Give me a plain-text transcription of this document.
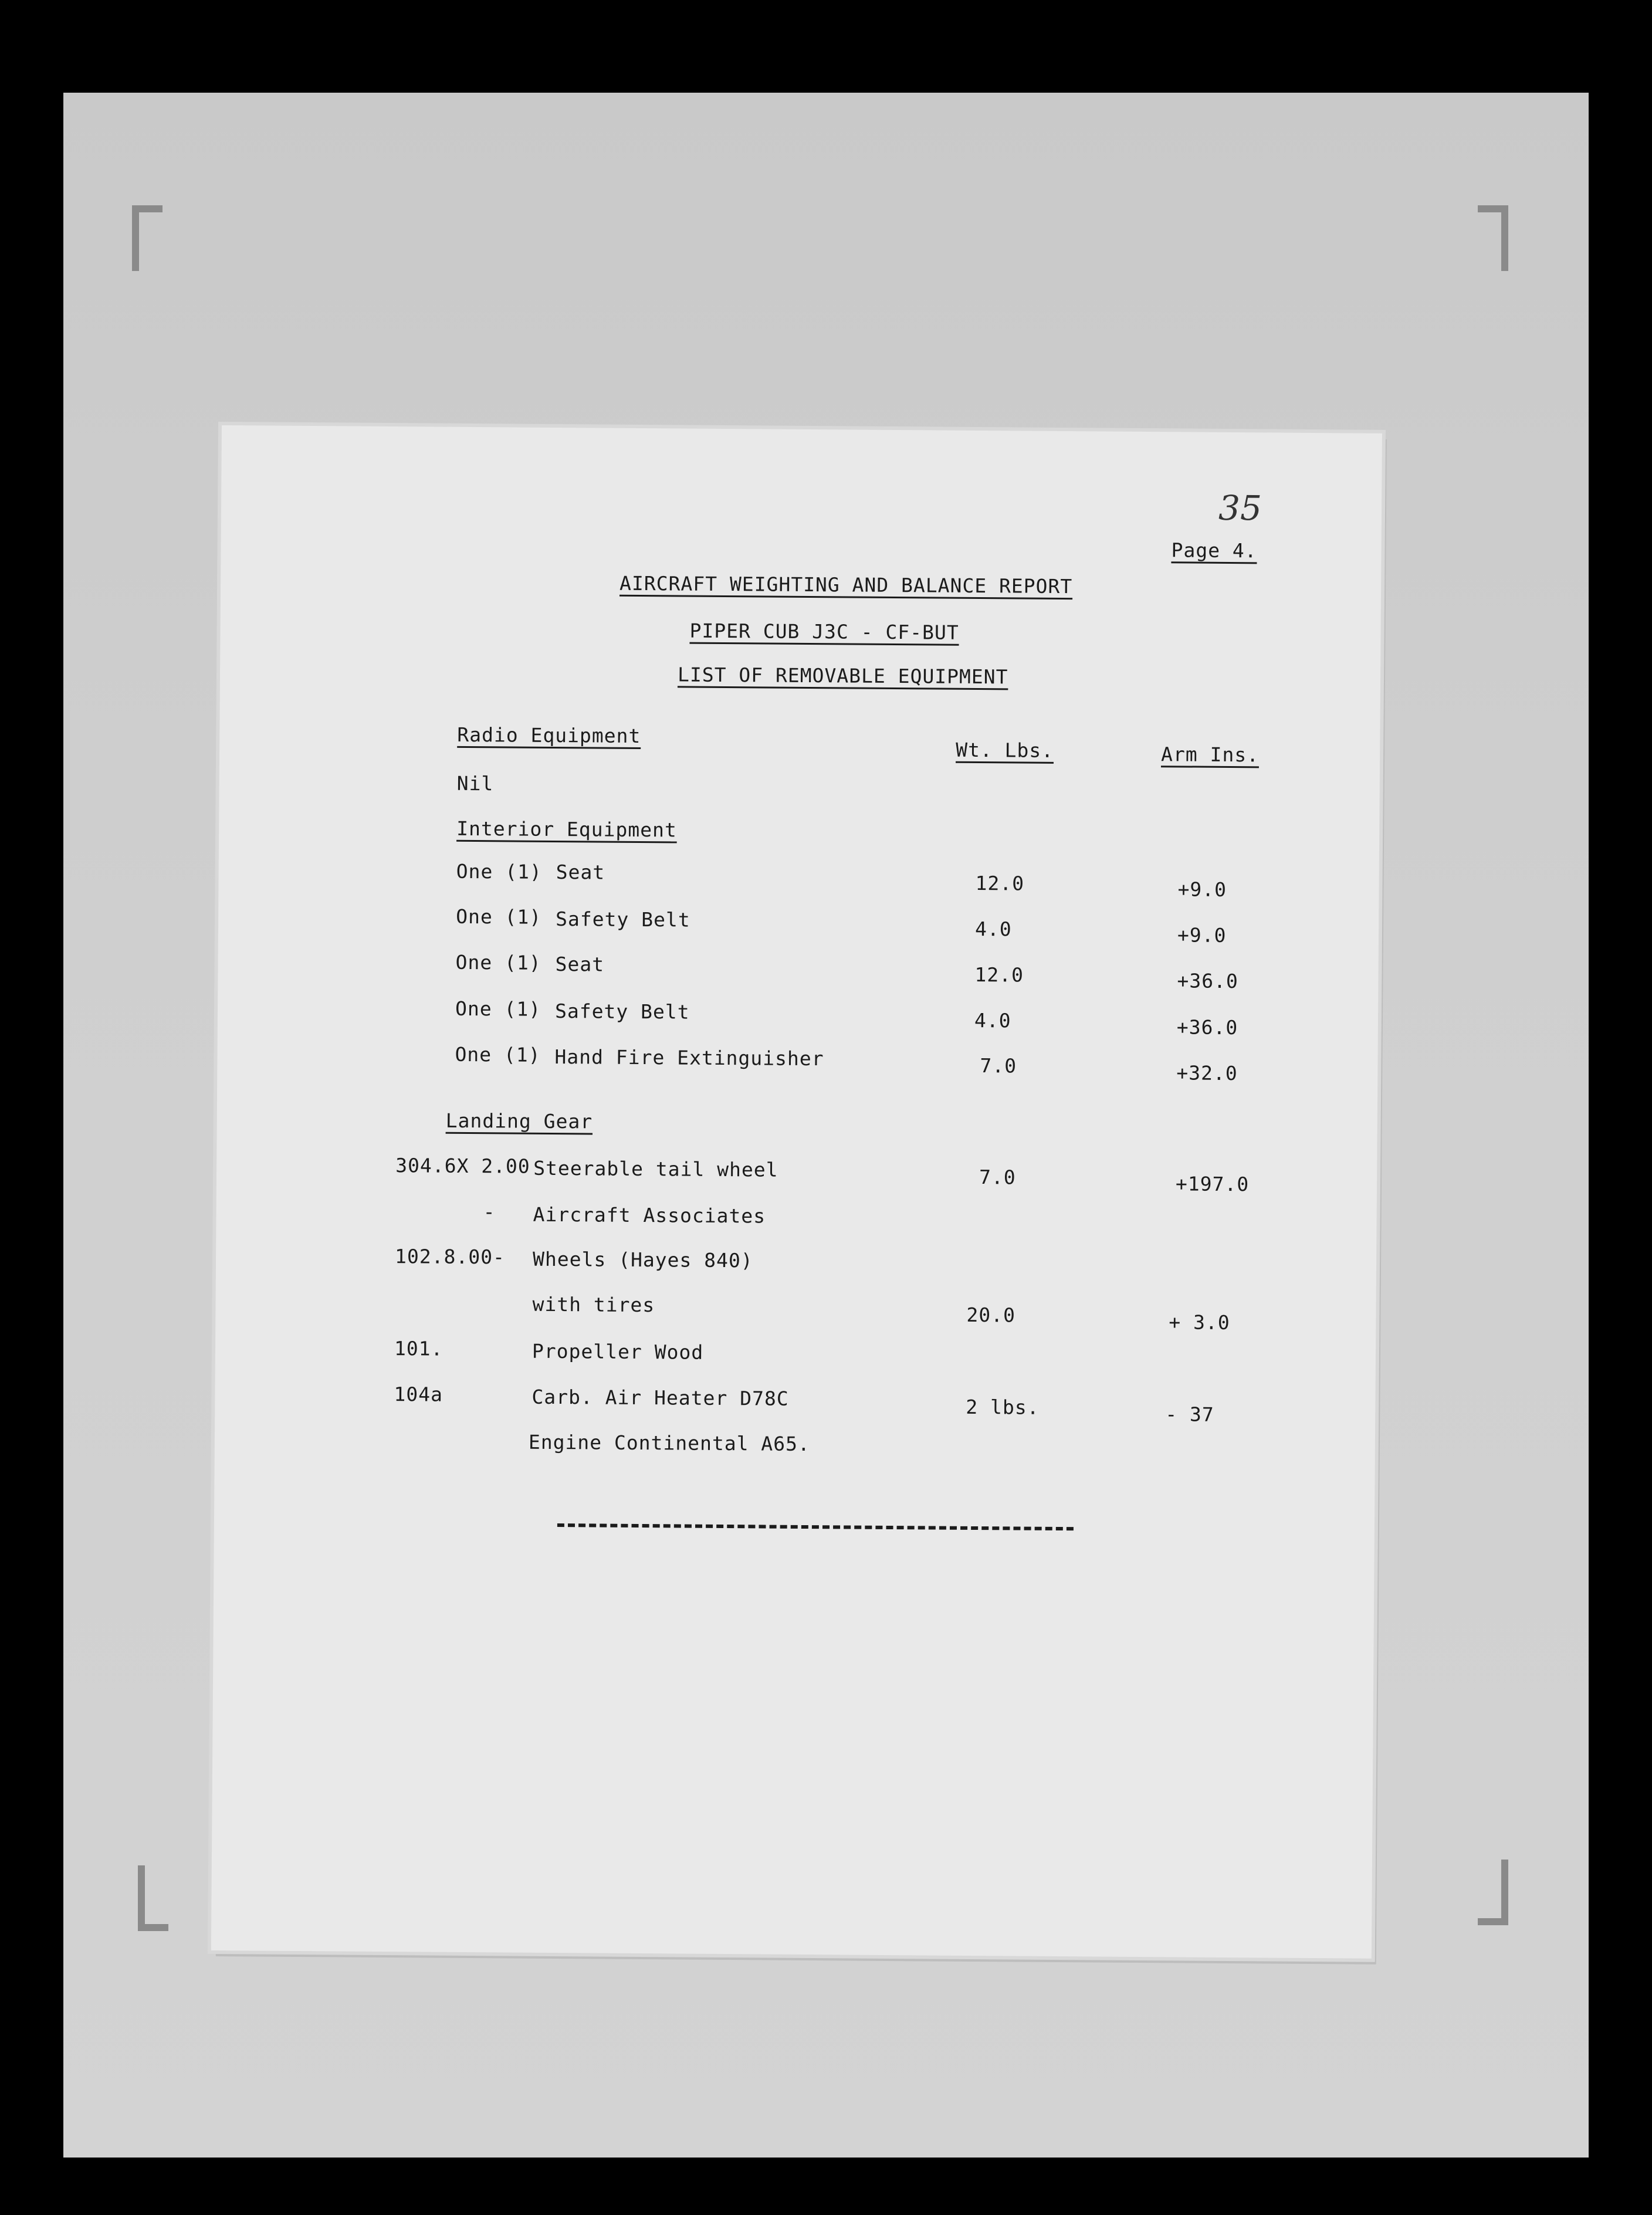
35
Page 4.
AIRCRAFT WEIGHTING AND BALANCE REPORT
PIPER CUB J3C - CF-BUT
LIST OF REMOVABLE EQUIPMENT
Radio Equipment
Wt. Lbs.	Arm Ins.
Nil
Interior Equipment
One (1) Seat	12.0	+9.0
One (1) Safety Belt	4.0	+9.0
One (1) Seat	12.0	+36.0
One (1) Safety Belt	4.0	+36.0
One (1) Hand Fire Extinguisher	7.0	+32.0
Landing Gear
304.6X 2.00 Steerable tail wheel	7.0	+197.0
- Aircraft Associates
102.8.00- Wheels (Hayes 840)
with tires	20.0	+ 3.0
101.	Propeller Wood
104a	Carb. Air Heater D78C	2 lbs.	- 37
Engine Continental A65.
